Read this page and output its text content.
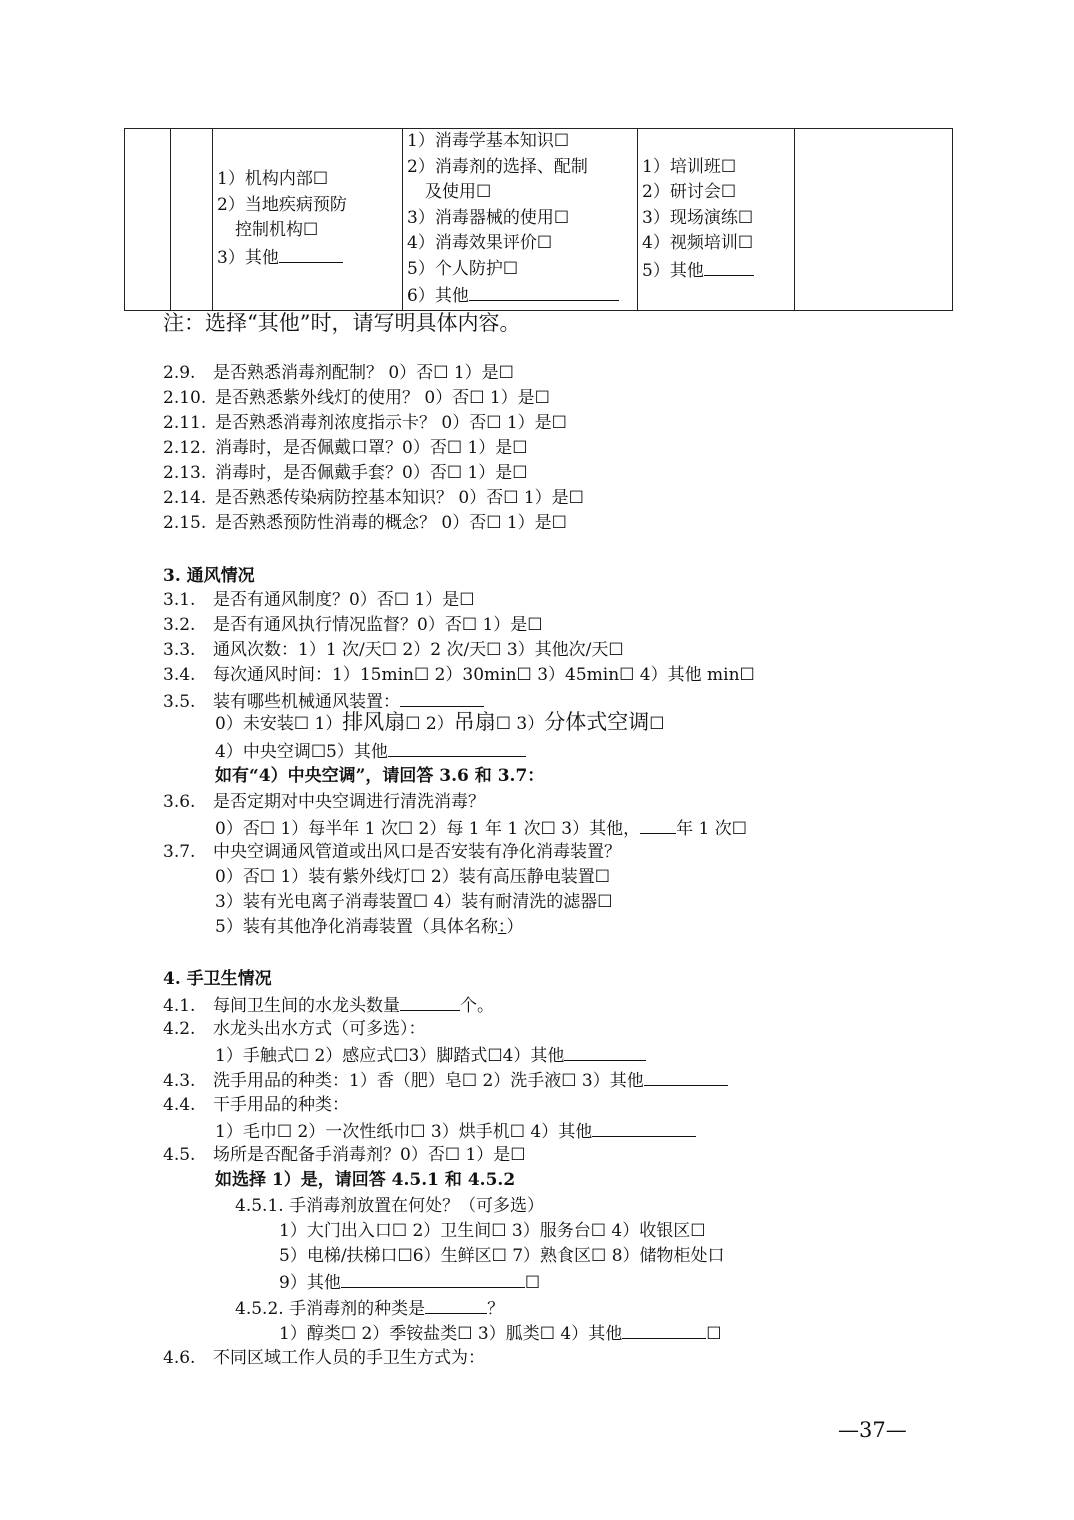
1）机构内部☐
2）当地疾病预防
控制机构☐
3）其他

1）消毒学基本知识☐
2）消毒剂的选择、配制
及使用☐
3）消毒器械的使用☐
4）消毒效果评价☐
5）个人防护☐
6）其他

1）培训班☐
2）研讨会☐
3）现场演练☐
4）视频培训☐
5）其他

注：选择“其他”时，请写明具体内容。
2.9. 是否熟悉消毒剂配制？ 0）否☐ 1）是☐
2.10. 是否熟悉紫外线灯的使用？ 0）否☐ 1）是☐
2.11. 是否熟悉消毒剂浓度指示卡？ 0）否☐ 1）是☐
2.12. 消毒时，是否佩戴口罩？0）否☐ 1）是☐
2.13. 消毒时，是否佩戴手套？0）否☐ 1）是☐
2.14. 是否熟悉传染病防控基本知识？ 0）否☐ 1）是☐
2.15. 是否熟悉预防性消毒的概念？ 0）否☐ 1）是☐
3. 通风情况
3.1. 是否有通风制度？0）否☐ 1）是☐
3.2. 是否有通风执行情况监督？0）否☐ 1）是☐
3.3. 通风次数：1）1 次/天☐ 2）2 次/天☐ 3）其他次/天☐
3.4. 每次通风时间：1）15min☐ 2）30min☐ 3）45min☐ 4）其他 min☐
3.5. 装有哪些机械通风装置：
0）未安装☐ 1）排风扇☐ 2）吊扇☐ 3）分体式空调☐
4）中央空调☐5）其他
如有“4）中央空调”，请回答 3.6 和 3.7：
3.6. 是否定期对中央空调进行清洗消毒？
0）否☐ 1）每半年 1 次☐ 2）每 1 年 1 次☐ 3）其他， 年 1 次☐
3.7. 中央空调通风管道或出风口是否安装有净化消毒装置？
0）否☐ 1）装有紫外线灯☐ 2）装有高压静电装置☐
3）装有光电离子消毒装置☐ 4）装有耐清洗的滤器☐
5）装有其他净化消毒装置（具体名称：）
4. 手卫生情况
4.1. 每间卫生间的水龙头数量	个。
4.2. 水龙头出水方式（可多选）：
1）手触式☐ 2）感应式☐3）脚踏式☐4）其他
4.3. 洗手用品的种类：1）香（肥）皂☐ 2）洗手液☐ 3）其他
4.4. 干手用品的种类：
1）毛巾☐ 2）一次性纸巾☐ 3）烘手机☐ 4）其他
4.5. 场所是否配备手消毒剂？0）否☐ 1）是☐
如选择 1）是，请回答 4.5.1 和 4.5.2
4.5.1. 手消毒剂放置在何处？（可多选）
1）大门出入口☐ 2）卫生间☐ 3）服务台☐ 4）收银区☐
5）电梯/扶梯口☐6）生鲜区☐ 7）熟食区☐ 8）储物柜处口
9）其他	☐
4.5.2. 手消毒剂的种类是	？
1）醇类☐ 2）季铵盐类☐ 3）胍类☐ 4）其他	☐
4.6. 不同区域工作人员的手卫生方式为：
—37—
